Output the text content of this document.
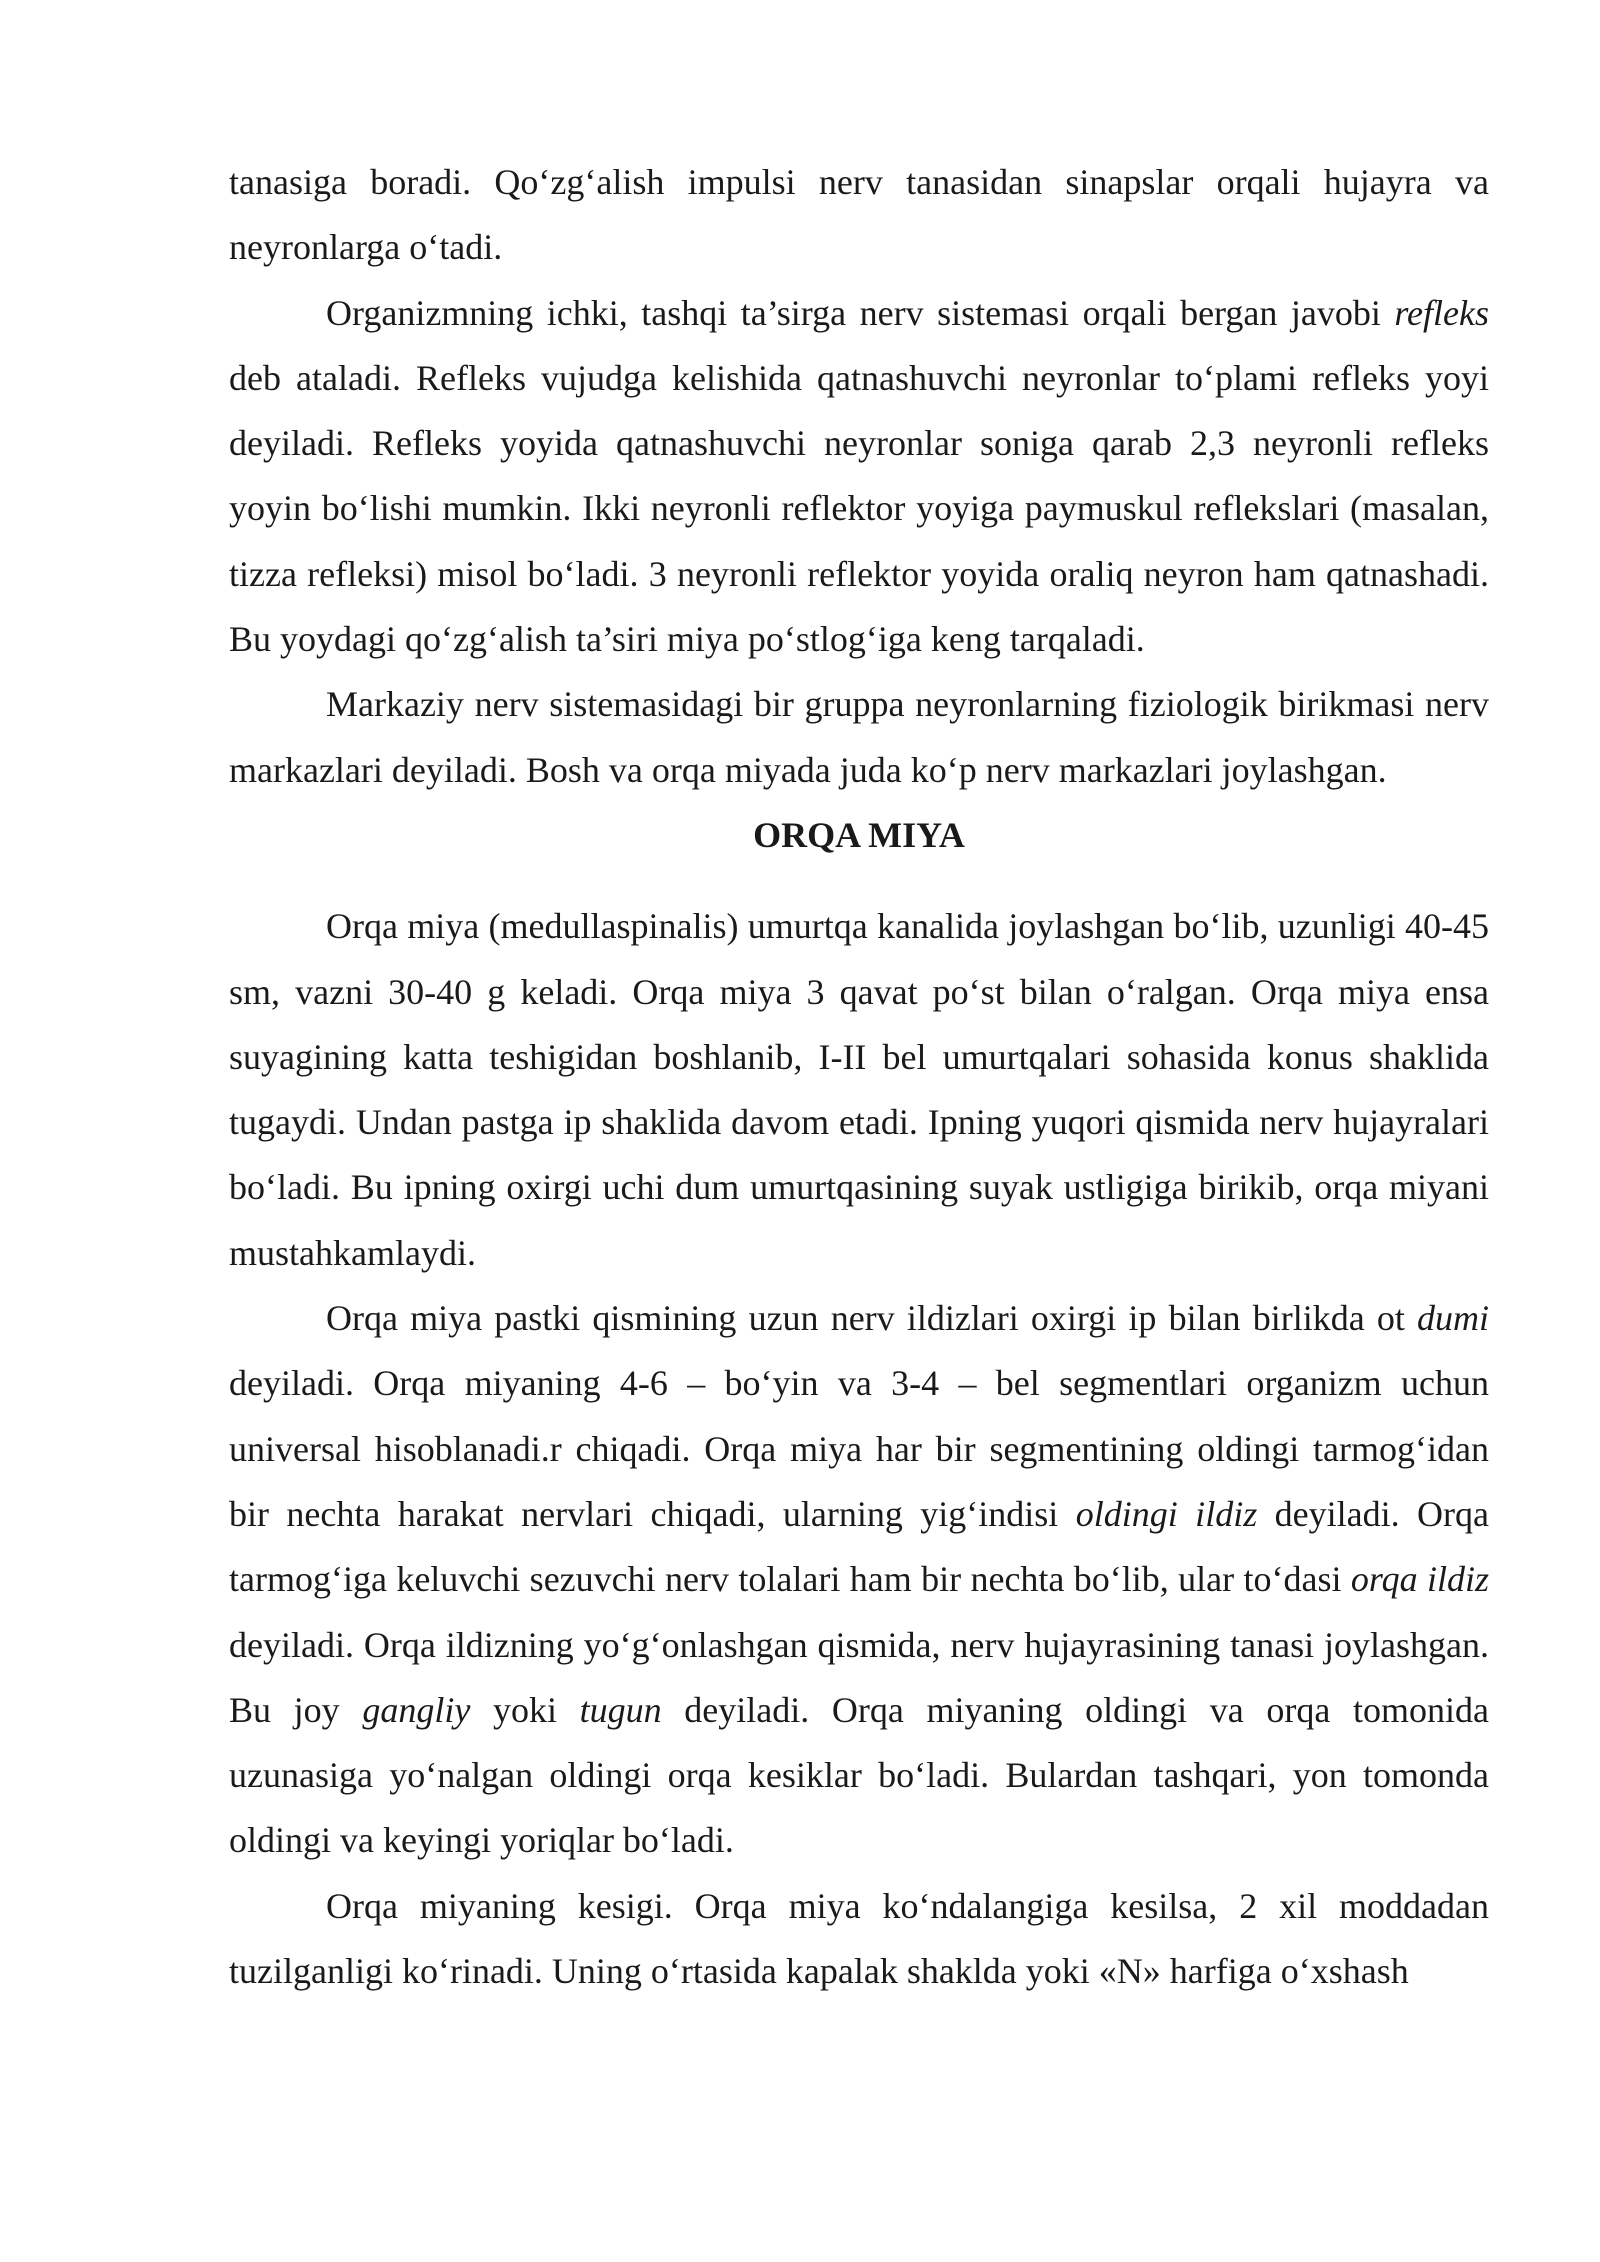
tanasiga boradi. Qo‘zg‘alish impulsi nerv tanasidan sinapslar orqali hujayra va neyronlarga o‘tadi.

Organizmning ichki, tashqi ta’sirga nerv sistemasi orqali bergan javobi refleks deb ataladi. Refleks vujudga kelishida qatnashuvchi neyronlar to‘plami refleks yoyi deyiladi. Refleks yoyida qatnashuvchi neyronlar soniga qarab 2,3 neyronli refleks yoyin bo‘lishi mumkin. Ikki neyronli reflektor yoyiga paymuskul reflekslari (masalan, tizza refleksi) misol bo‘ladi. 3 neyronli reflektor yoyida oraliq neyron ham qatnashadi. Bu yoydagi qo‘zg‘alish ta’siri miya po‘stlog‘iga keng tarqaladi.

Markaziy nerv sistemasidagi bir gruppa neyronlarning fiziologik birikmasi nerv markazlari deyiladi. Bosh va orqa miyada juda ko‘p nerv markazlari joylashgan.

ORQA MIYA

Orqa miya (medullaspinalis) umurtqa kanalida joylashgan bo‘lib, uzunligi 40-45 sm, vazni 30-40 g keladi. Orqa miya 3 qavat po‘st bilan o‘ralgan. Orqa miya ensa suyagining katta teshigidan boshlanib, I-II bel umurtqalari sohasida konus shaklida tugaydi. Undan pastga ip shaklida davom etadi. Ipning yuqori qismida nerv hujayralari bo‘ladi. Bu ipning oxirgi uchi dum umurtqasining suyak ustligiga birikib, orqa miyani mustahkamlaydi.

Orqa miya pastki qismining uzun nerv ildizlari oxirgi ip bilan birlikda ot dumi deyiladi. Orqa miyaning 4-6 – bo‘yin va 3-4 – bel segmentlari organizm uchun universal hisoblanadi.r chiqadi. Orqa miya har bir segmentining oldingi tarmog‘idan bir nechta harakat nervlari chiqadi, ularning yig‘indisi oldingi ildiz deyiladi. Orqa tarmog‘iga keluvchi sezuvchi nerv tolalari ham bir nechta bo‘lib, ular to‘dasi orqa ildiz deyiladi. Orqa ildizning yo‘g‘onlashgan qismida, nerv hujayrasining tanasi joylashgan. Bu joy gangliy yoki tugun deyiladi. Orqa miyaning oldingi va orqa tomonida uzunasiga yo‘nalgan oldingi orqa kesiklar bo‘ladi. Bulardan tashqari, yon tomonda oldingi va keyingi yoriqlar bo‘ladi.

Orqa miyaning kesigi. Orqa miya ko‘ndalangiga kesilsa, 2 xil moddadan tuzilganligi ko‘rinadi. Uning o‘rtasida kapalak shaklda yoki «N» harfiga o‘xshash
